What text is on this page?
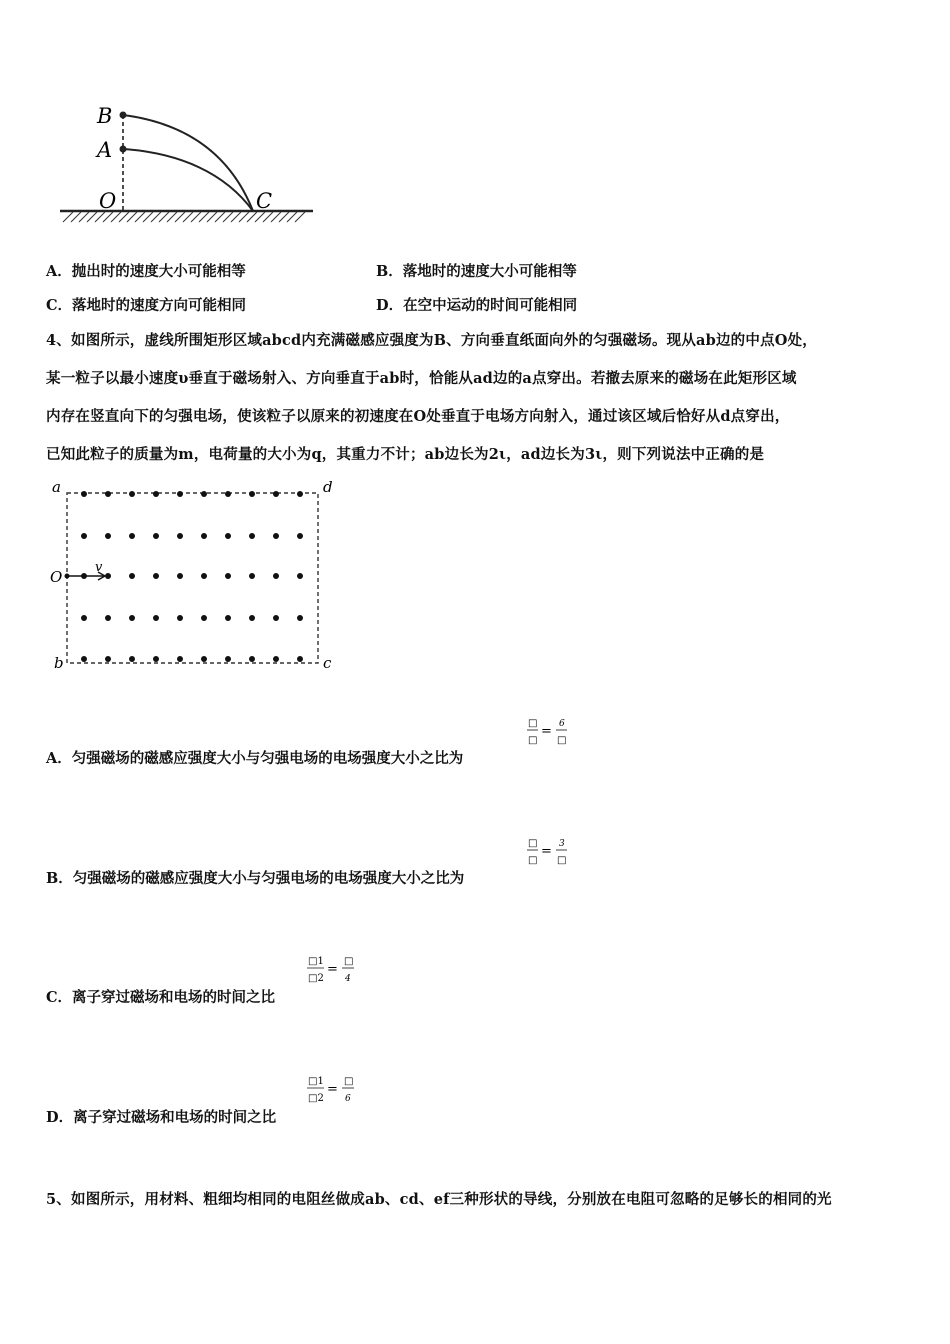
B
A
O	C
A．抛出时的速度大小可能相等	B．落地时的速度大小可能相等
C．落地时的速度方向可能相同	D．在空中运动的时间可能相同
4、如图所示，虚线所围矩形区域abcd内充满磁感应强度为B、方向垂直纸面向外的匀强磁场。现从ab边的中点O处，
某一粒子以最小速度υ垂直于磁场射入、方向垂直于ab时，恰能从ad边的a点穿出。若撤去原来的磁场在此矩形区域
内存在竖直向下的匀强电场，使该粒子以原来的初速度在O处垂直于电场方向射入，通过该区域后恰好从d点穿出，
已知此粒子的质量为m，电荷量的大小为q，其重力不计；ab边长为2ι，ad边长为3ι，则下列说法中正确的是
a	d
O
v
b	c
A．匀强磁场的磁感应强度大小与匀强电场的电场强度大小之比为
□
□
= 6
□
B．匀强磁场的磁感应强度大小与匀强电场的电场强度大小之比为
□
□
= 3
□
C．离子穿过磁场和电场的时间之比
□1
□2
=
□
4
D．离子穿过磁场和电场的时间之比
□1
□2
=
□
6
5、如图所示，用材料、粗细均相同的电阻丝做成ab、cd、ef三种形状的导线，分别放在电阻可忽略的足够长的相同的光
